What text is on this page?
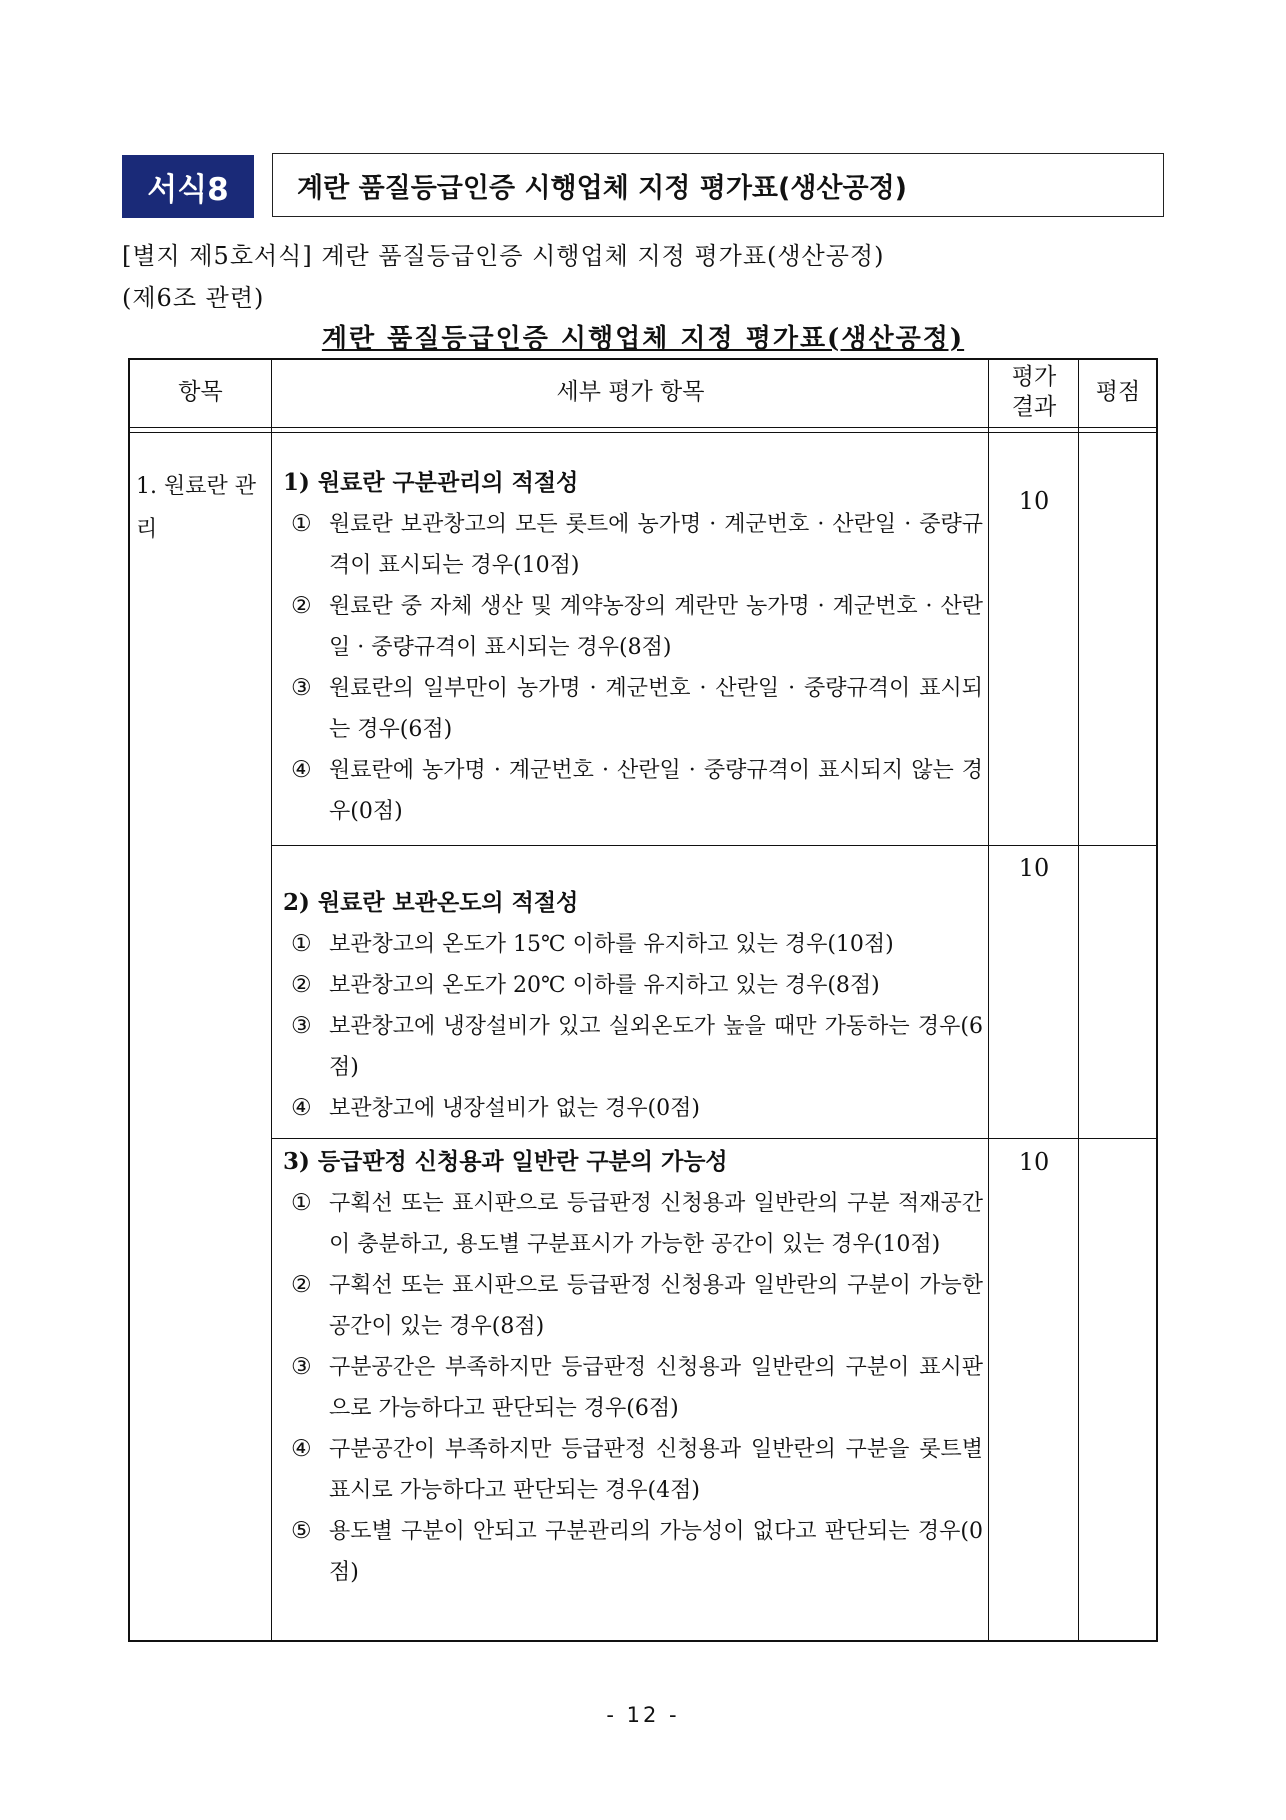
서식8	계란 품질등급인증 시행업체 지정 평가표(생산공정)
[별지 제5호서식] 계란 품질등급인증 시행업체 지정 평가표(생산공정)
(제6조 관련)
계란 품질등급인증 시행업체 지정 평가표(생산공정)
항목	세부 평가 항목
평가
결과
평점
1. 원료란 관리
1) 원료란 구분관리의 적절성
① 원료란 보관창고의 모든 롯트에 농가명 · 계군번호 · 산란일 · 중량규격이 표시되는 경우(10점)
② 원료란 중 자체 생산 및 계약농장의 계란만 농가명 · 계군번호 · 산란일 · 중량규격이 표시되는 경우(8점)
③ 원료란의 일부만이 농가명 · 계군번호 · 산란일 · 중량규격이 표시되는 경우(6점)
④ 원료란에 농가명 · 계군번호 · 산란일 · 중량규격이 표시되지 않는 경우(0점)
10
2) 원료란 보관온도의 적절성
① 보관창고의 온도가 15℃ 이하를 유지하고 있는 경우(10점)
② 보관창고의 온도가 20℃ 이하를 유지하고 있는 경우(8점)
③ 보관창고에 냉장설비가 있고 실외온도가 높을 때만 가동하는 경우(6점)
④ 보관창고에 냉장설비가 없는 경우(0점)
10
3) 등급판정 신청용과 일반란 구분의 가능성
① 구획선 또는 표시판으로 등급판정 신청용과 일반란의 구분 적재공간이 충분하고, 용도별 구분표시가 가능한 공간이 있는 경우(10점)
② 구획선 또는 표시판으로 등급판정 신청용과 일반란의 구분이 가능한 공간이 있는 경우(8점)
③ 구분공간은 부족하지만 등급판정 신청용과 일반란의 구분이 표시판으로 가능하다고 판단되는 경우(6점)
④ 구분공간이 부족하지만 등급판정 신청용과 일반란의 구분을 롯트별 표시로 가능하다고 판단되는 경우(4점)
⑤ 용도별 구분이 안되고 구분관리의 가능성이 없다고 판단되는 경우(0점)
10
- 12 -
